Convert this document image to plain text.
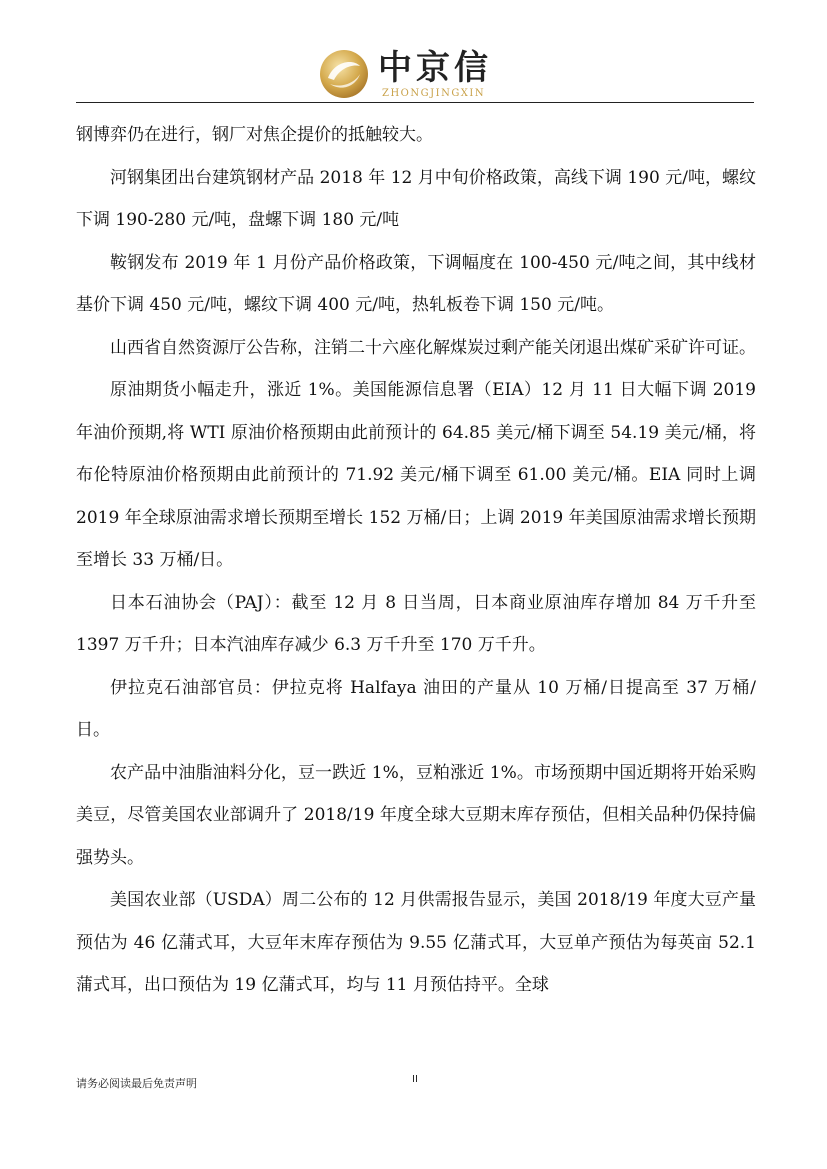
中京信
ZHONGJINGXIN

钢博弈仍在进行，钢厂对焦企提价的抵触较大。

河钢集团出台建筑钢材产品 2018 年 12 月中旬价格政策，高线下调 190 元/吨，螺纹下调 190-280 元/吨，盘螺下调 180 元/吨

鞍钢发布 2019 年 1 月份产品价格政策，下调幅度在 100-450 元/吨之间，其中线材基价下调 450 元/吨，螺纹下调 400 元/吨，热轧板卷下调 150 元/吨。

山西省自然资源厅公告称，注销二十六座化解煤炭过剩产能关闭退出煤矿采矿许可证。

原油期货小幅走升，涨近 1%。美国能源信息署（EIA）12 月 11 日大幅下调 2019 年油价预期,将 WTI 原油价格预期由此前预计的 64.85 美元/桶下调至 54.19 美元/桶，将布伦特原油价格预期由此前预计的 71.92 美元/桶下调至 61.00 美元/桶。EIA 同时上调 2019 年全球原油需求增长预期至增长 152 万桶/日；上调 2019 年美国原油需求增长预期至增长 33 万桶/日。

日本石油协会（PAJ）：截至 12 月 8 日当周，日本商业原油库存增加 84 万千升至 1397 万千升；日本汽油库存减少 6.3 万千升至 170 万千升。

伊拉克石油部官员：伊拉克将 Halfaya 油田的产量从 10 万桶/日提高至 37 万桶/日。

农产品中油脂油料分化，豆一跌近 1%，豆粕涨近 1%。市场预期中国近期将开始采购美豆，尽管美国农业部调升了 2018/19 年度全球大豆期末库存预估，但相关品种仍保持偏强势头。

美国农业部（USDA）周二公布的 12 月供需报告显示，美国 2018/19 年度大豆产量预估为 46 亿蒲式耳，大豆年末库存预估为 9.55 亿蒲式耳，大豆单产预估为每英亩 52.1 蒲式耳，出口预估为 19 亿蒲式耳，均与 11 月预估持平。全球

请务必阅读最后免责声明	II
